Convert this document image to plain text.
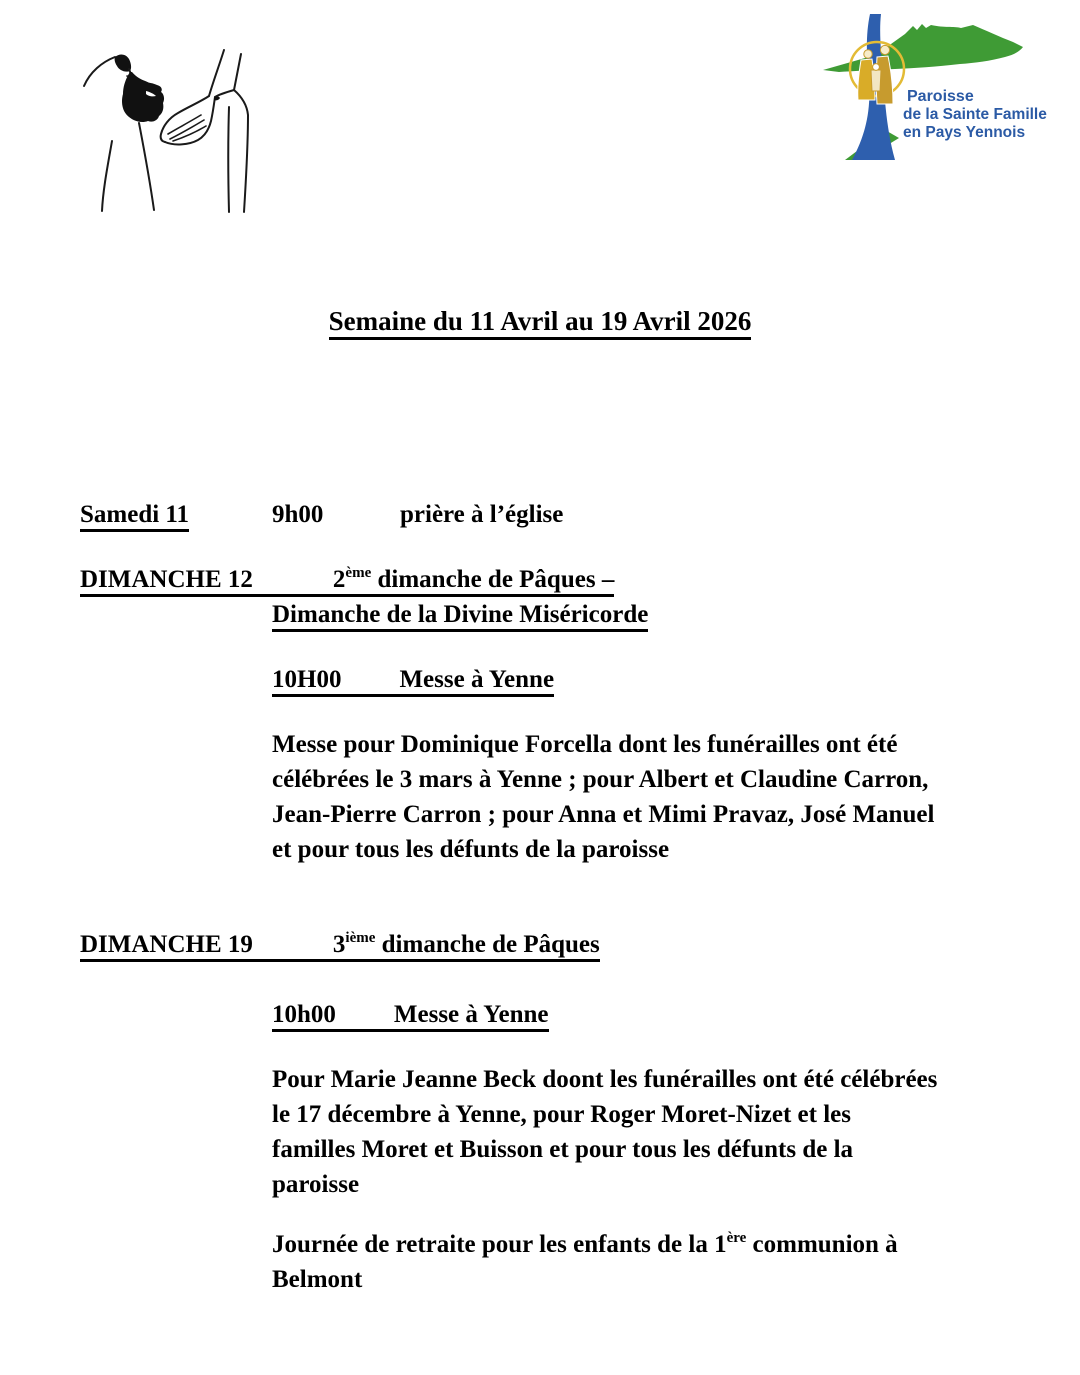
Paroisse
de la Sainte Famille
en Pays Yennois
Semaine du 11 Avril au 19 Avril 2026
Samedi 11	9h00	prière à l’église
DIMANCHE 12	2ème dimanche de Pâques –
Dimanche de la Divine Miséricorde
10H00 Messe à Yenne
Messe pour Dominique Forcella dont les funérailles ont été
célébrées le 3 mars à Yenne ; pour Albert et Claudine Carron,
Jean-Pierre Carron ; pour Anna et Mimi Pravaz, José Manuel
et pour tous les défunts de la paroisse
DIMANCHE 19	3ième dimanche de Pâques
10h00 Messe à Yenne
Pour Marie Jeanne Beck doont les funérailles ont été célébrées
le 17 décembre à Yenne, pour Roger Moret-Nizet et les
familles Moret et Buisson et pour tous les défunts de la
paroisse
Journée de retraite pour les enfants de la 1ère communion à
Belmont
